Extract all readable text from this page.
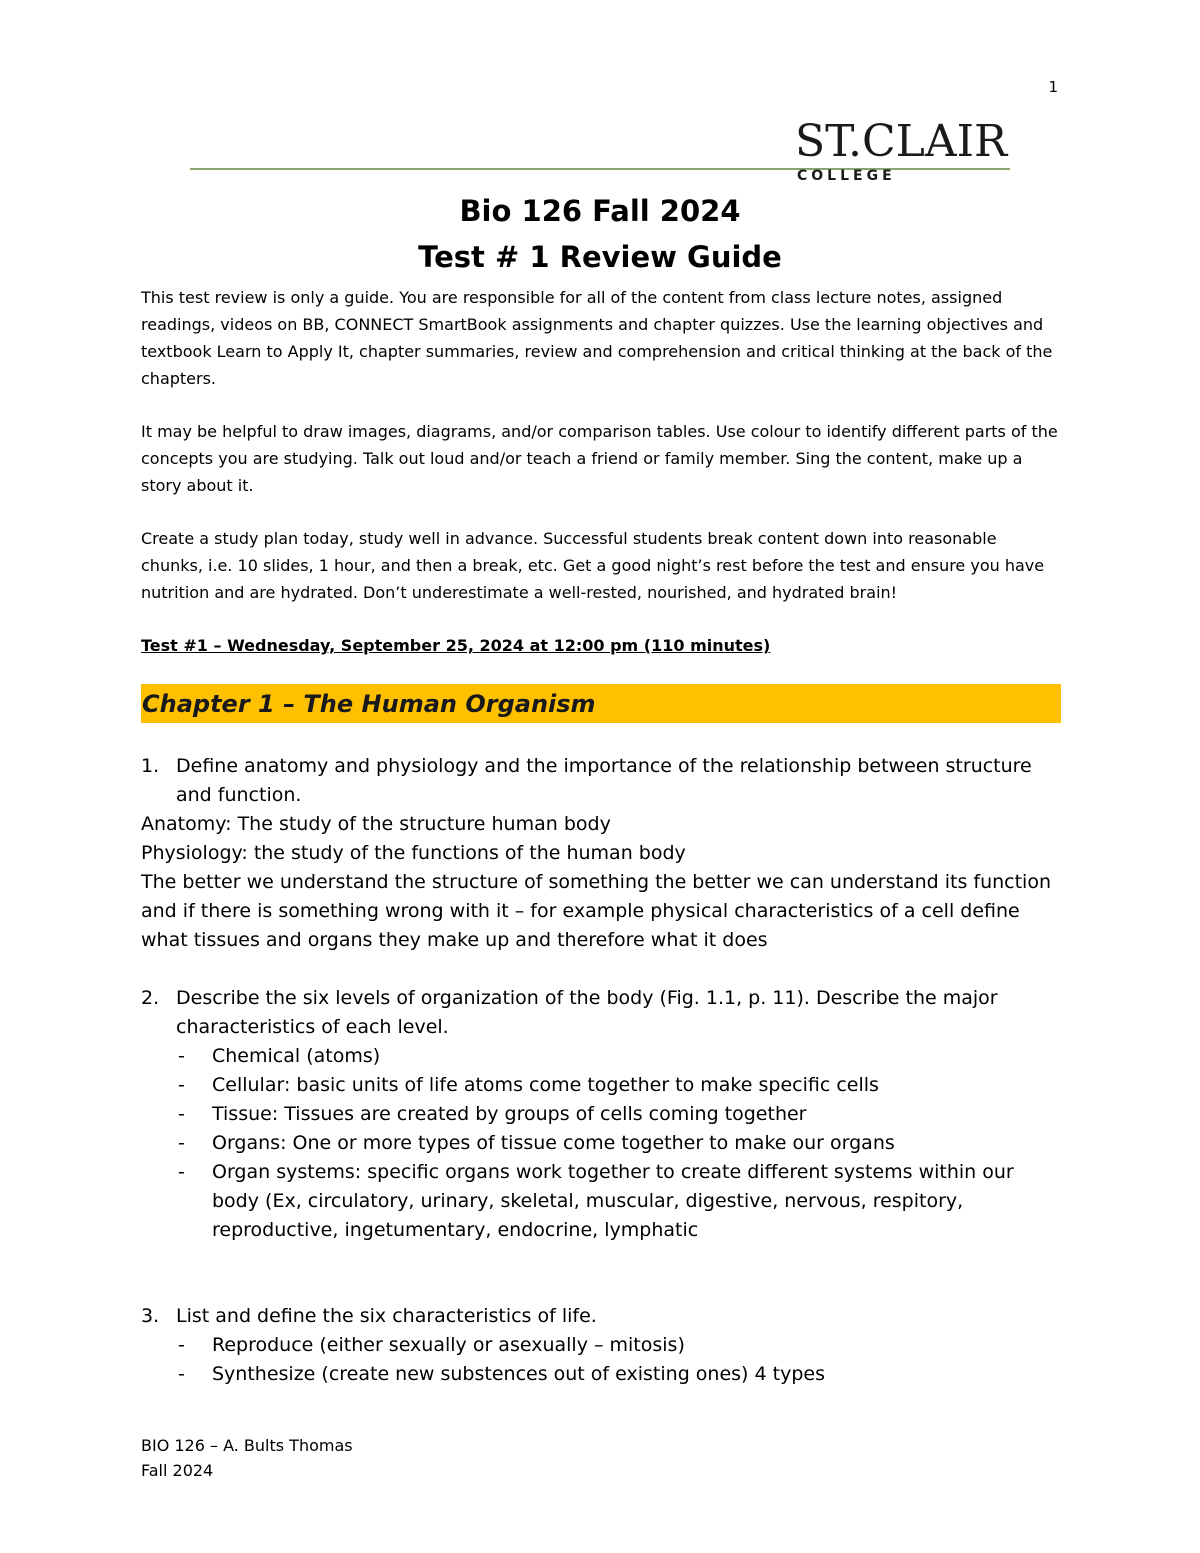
1
ST.CLAIR
COLLEGE
Bio 126 Fall 2024
Test # 1 Review Guide

This test review is only a guide. You are responsible for all of the content from class lecture notes, assigned readings, videos on BB, CONNECT SmartBook assignments and chapter quizzes. Use the learning objectives and textbook Learn to Apply It, chapter summaries, review and comprehension and critical thinking at the back of the chapters.

It may be helpful to draw images, diagrams, and/or comparison tables. Use colour to identify different parts of the concepts you are studying. Talk out loud and/or teach a friend or family member. Sing the content, make up a story about it.

Create a study plan today, study well in advance. Successful students break content down into reasonable chunks, i.e. 10 slides, 1 hour, and then a break, etc. Get a good night’s rest before the test and ensure you have nutrition and are hydrated. Don’t underestimate a well-rested, nourished, and hydrated brain!

Test #1 – Wednesday, September 25, 2024 at 12:00 pm (110 minutes)

Chapter 1 – The Human Organism
1. Define anatomy and physiology and the importance of the relationship between structure and function.
Anatomy: The study of the structure human body
Physiology: the study of the functions of the human body
The better we understand the structure of something the better we can understand its function and if there is something wrong with it – for example physical characteristics of a cell define what tissues and organs they make up and therefore what it does
2. Describe the six levels of organization of the body (Fig. 1.1, p. 11). Describe the major characteristics of each level.
- Chemical (atoms)
- Cellular: basic units of life atoms come together to make specific cells
- Tissue: Tissues are created by groups of cells coming together
- Organs: One or more types of tissue come together to make our organs
- Organ systems: specific organs work together to create different systems within our body (Ex, circulatory, urinary, skeletal, muscular, digestive, nervous, respitory, reproductive, ingetumentary, endocrine, lymphatic
3. List and define the six characteristics of life.
- Reproduce (either sexually or asexually – mitosis)
- Synthesize (create new substences out of existing ones) 4 types
BIO 126 – A. Bults Thomas
Fall 2024
